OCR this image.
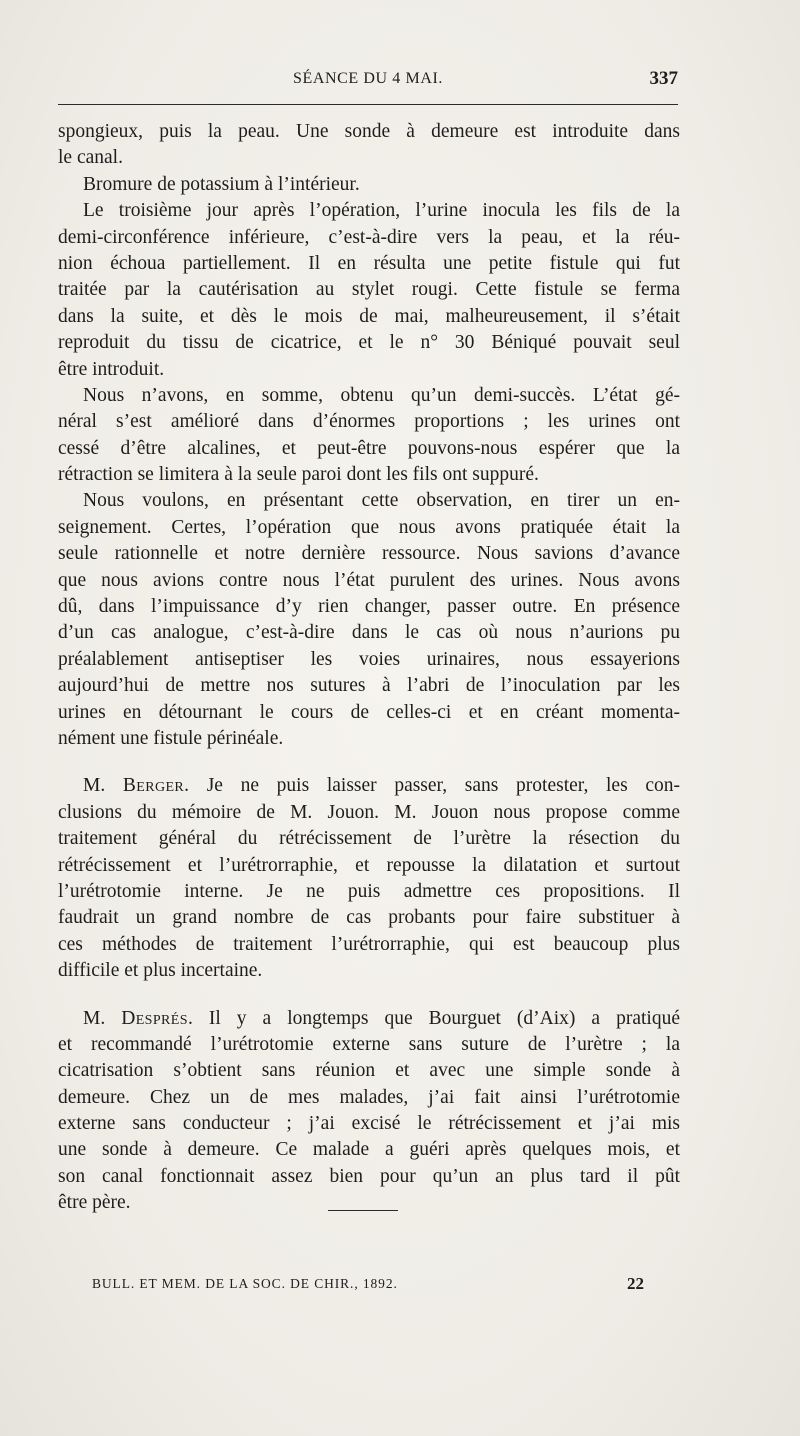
SÉANCE DU 4 MAI.	337
spongieux, puis la peau. Une sonde à demeure est introduite dans
le canal.
Bromure de potassium à l’intérieur.
Le troisième jour après l’opération, l’urine inocula les fils de la
demi-circonférence inférieure, c’est-à-dire vers la peau, et la réu-
nion échoua partiellement. Il en résulta une petite fistule qui fut
traitée par la cautérisation au stylet rougi. Cette fistule se ferma
dans la suite, et dès le mois de mai, malheureusement, il s’était
reproduit du tissu de cicatrice, et le n° 30 Béniqué pouvait seul
être introduit.
Nous n’avons, en somme, obtenu qu’un demi-succès. L’état gé-
néral s’est amélioré dans d’énormes proportions ; les urines ont
cessé d’être alcalines, et peut-être pouvons-nous espérer que la
rétraction se limitera à la seule paroi dont les fils ont suppuré.
Nous voulons, en présentant cette observation, en tirer un en-
seignement. Certes, l’opération que nous avons pratiquée était la
seule rationnelle et notre dernière ressource. Nous savions d’avance
que nous avions contre nous l’état purulent des urines. Nous avons
dû, dans l’impuissance d’y rien changer, passer outre. En présence
d’un cas analogue, c’est-à-dire dans le cas où nous n’aurions pu
préalablement antiseptiser les voies urinaires, nous essayerions
aujourd’hui de mettre nos sutures à l’abri de l’inoculation par les
urines en détournant le cours de celles-ci et en créant momenta-
nément une fistule périnéale.
M. Berger. Je ne puis laisser passer, sans protester, les con-
clusions du mémoire de M. Jouon. M. Jouon nous propose comme
traitement général du rétrécissement de l’urètre la résection du
rétrécissement et l’urétrorraphie, et repousse la dilatation et surtout
l’urétrotomie interne. Je ne puis admettre ces propositions. Il
faudrait un grand nombre de cas probants pour faire substituer à
ces méthodes de traitement l’urétrorraphie, qui est beaucoup plus
difficile et plus incertaine.
M. Després. Il y a longtemps que Bourguet (d’Aix) a pratiqué
et recommandé l’urétrotomie externe sans suture de l’urètre ; la
cicatrisation s’obtient sans réunion et avec une simple sonde à
demeure. Chez un de mes malades, j’ai fait ainsi l’urétrotomie
externe sans conducteur ; j’ai excisé le rétrécissement et j’ai mis
une sonde à demeure. Ce malade a guéri après quelques mois, et
son canal fonctionnait assez bien pour qu’un an plus tard il pût
être père.
BULL. ET MEM. DE LA SOC. DE CHIR., 1892.	22
